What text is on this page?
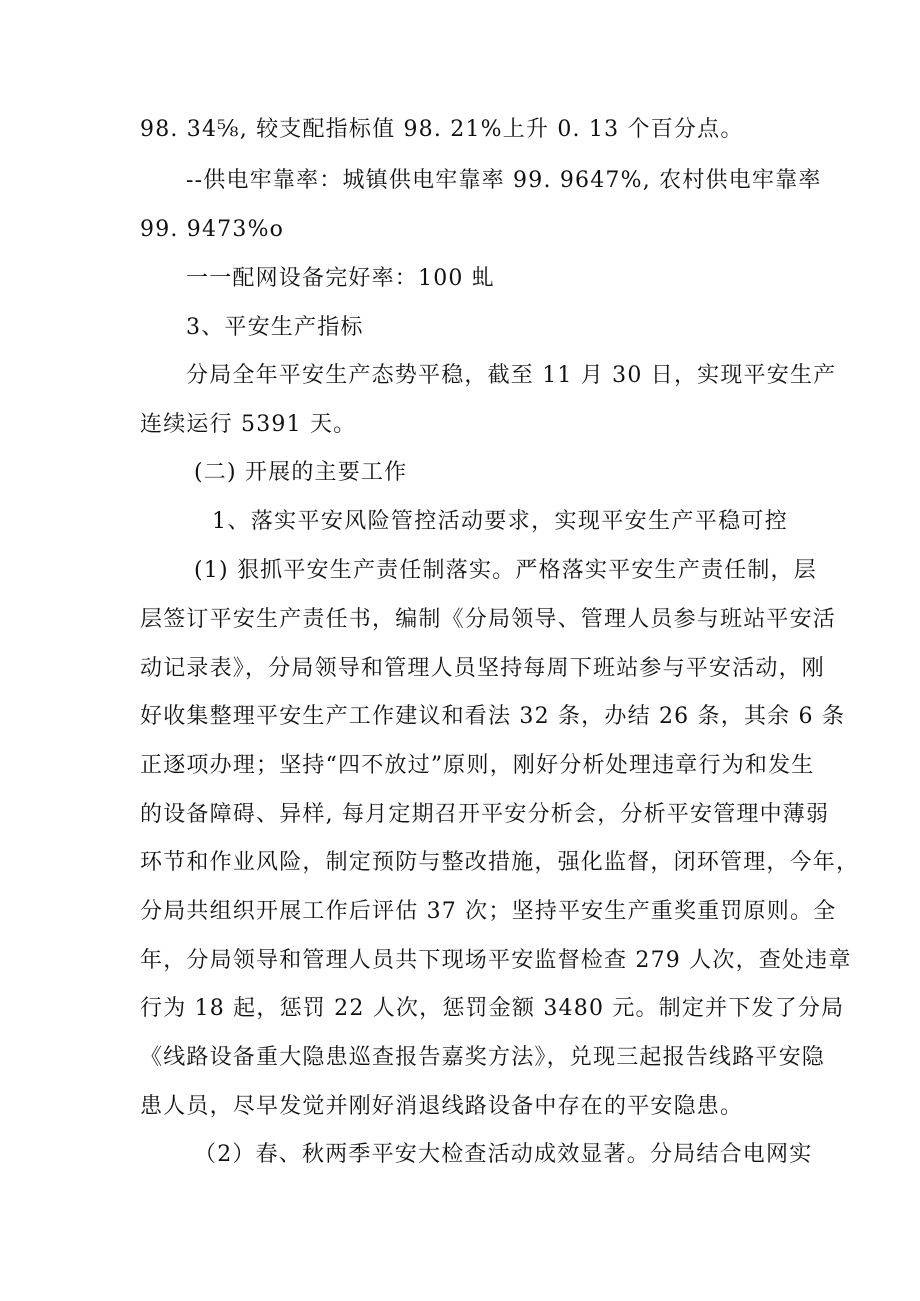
98. 34⅝, 较支配指标值 98. 21%上升 0. 13 个百分点。
--供电牢靠率：城镇供电牢靠率 99. 9647%, 农村供电牢靠率
99. 9473%o
一一配网设备完好率：100 虬
3、平安生产指标
分局全年平安生产态势平稳，截至 11 月 30 日，实现平安生产
连续运行 5391 天。
(二) 开展的主要工作
1、落实平安风险管控活动要求，实现平安生产平稳可控
(1) 狠抓平安生产责任制落实。严格落实平安生产责任制，层
层签订平安生产责任书，编制《分局领导、管理人员参与班站平安活
动记录表》，分局领导和管理人员坚持每周下班站参与平安活动，刚
好收集整理平安生产工作建议和看法 32 条，办结 26 条，其余 6 条
正逐项办理；坚持“四不放过”原则，刚好分析处理违章行为和发生
的设备障碍、异样, 每月定期召开平安分析会，分析平安管理中薄弱
环节和作业风险，制定预防与整改措施，强化监督，闭环管理，今年，
分局共组织开展工作后评估 37 次；坚持平安生产重奖重罚原则。全
年，分局领导和管理人员共下现场平安监督检查 279 人次，查处违章
行为 18 起，惩罚 22 人次，惩罚金额 3480 元。制定并下发了分局
《线路设备重大隐患巡查报告嘉奖方法》，兑现三起报告线路平安隐
患人员，尽早发觉并刚好消退线路设备中存在的平安隐患。
（2）春、秋两季平安大检查活动成效显著。分局结合电网实
